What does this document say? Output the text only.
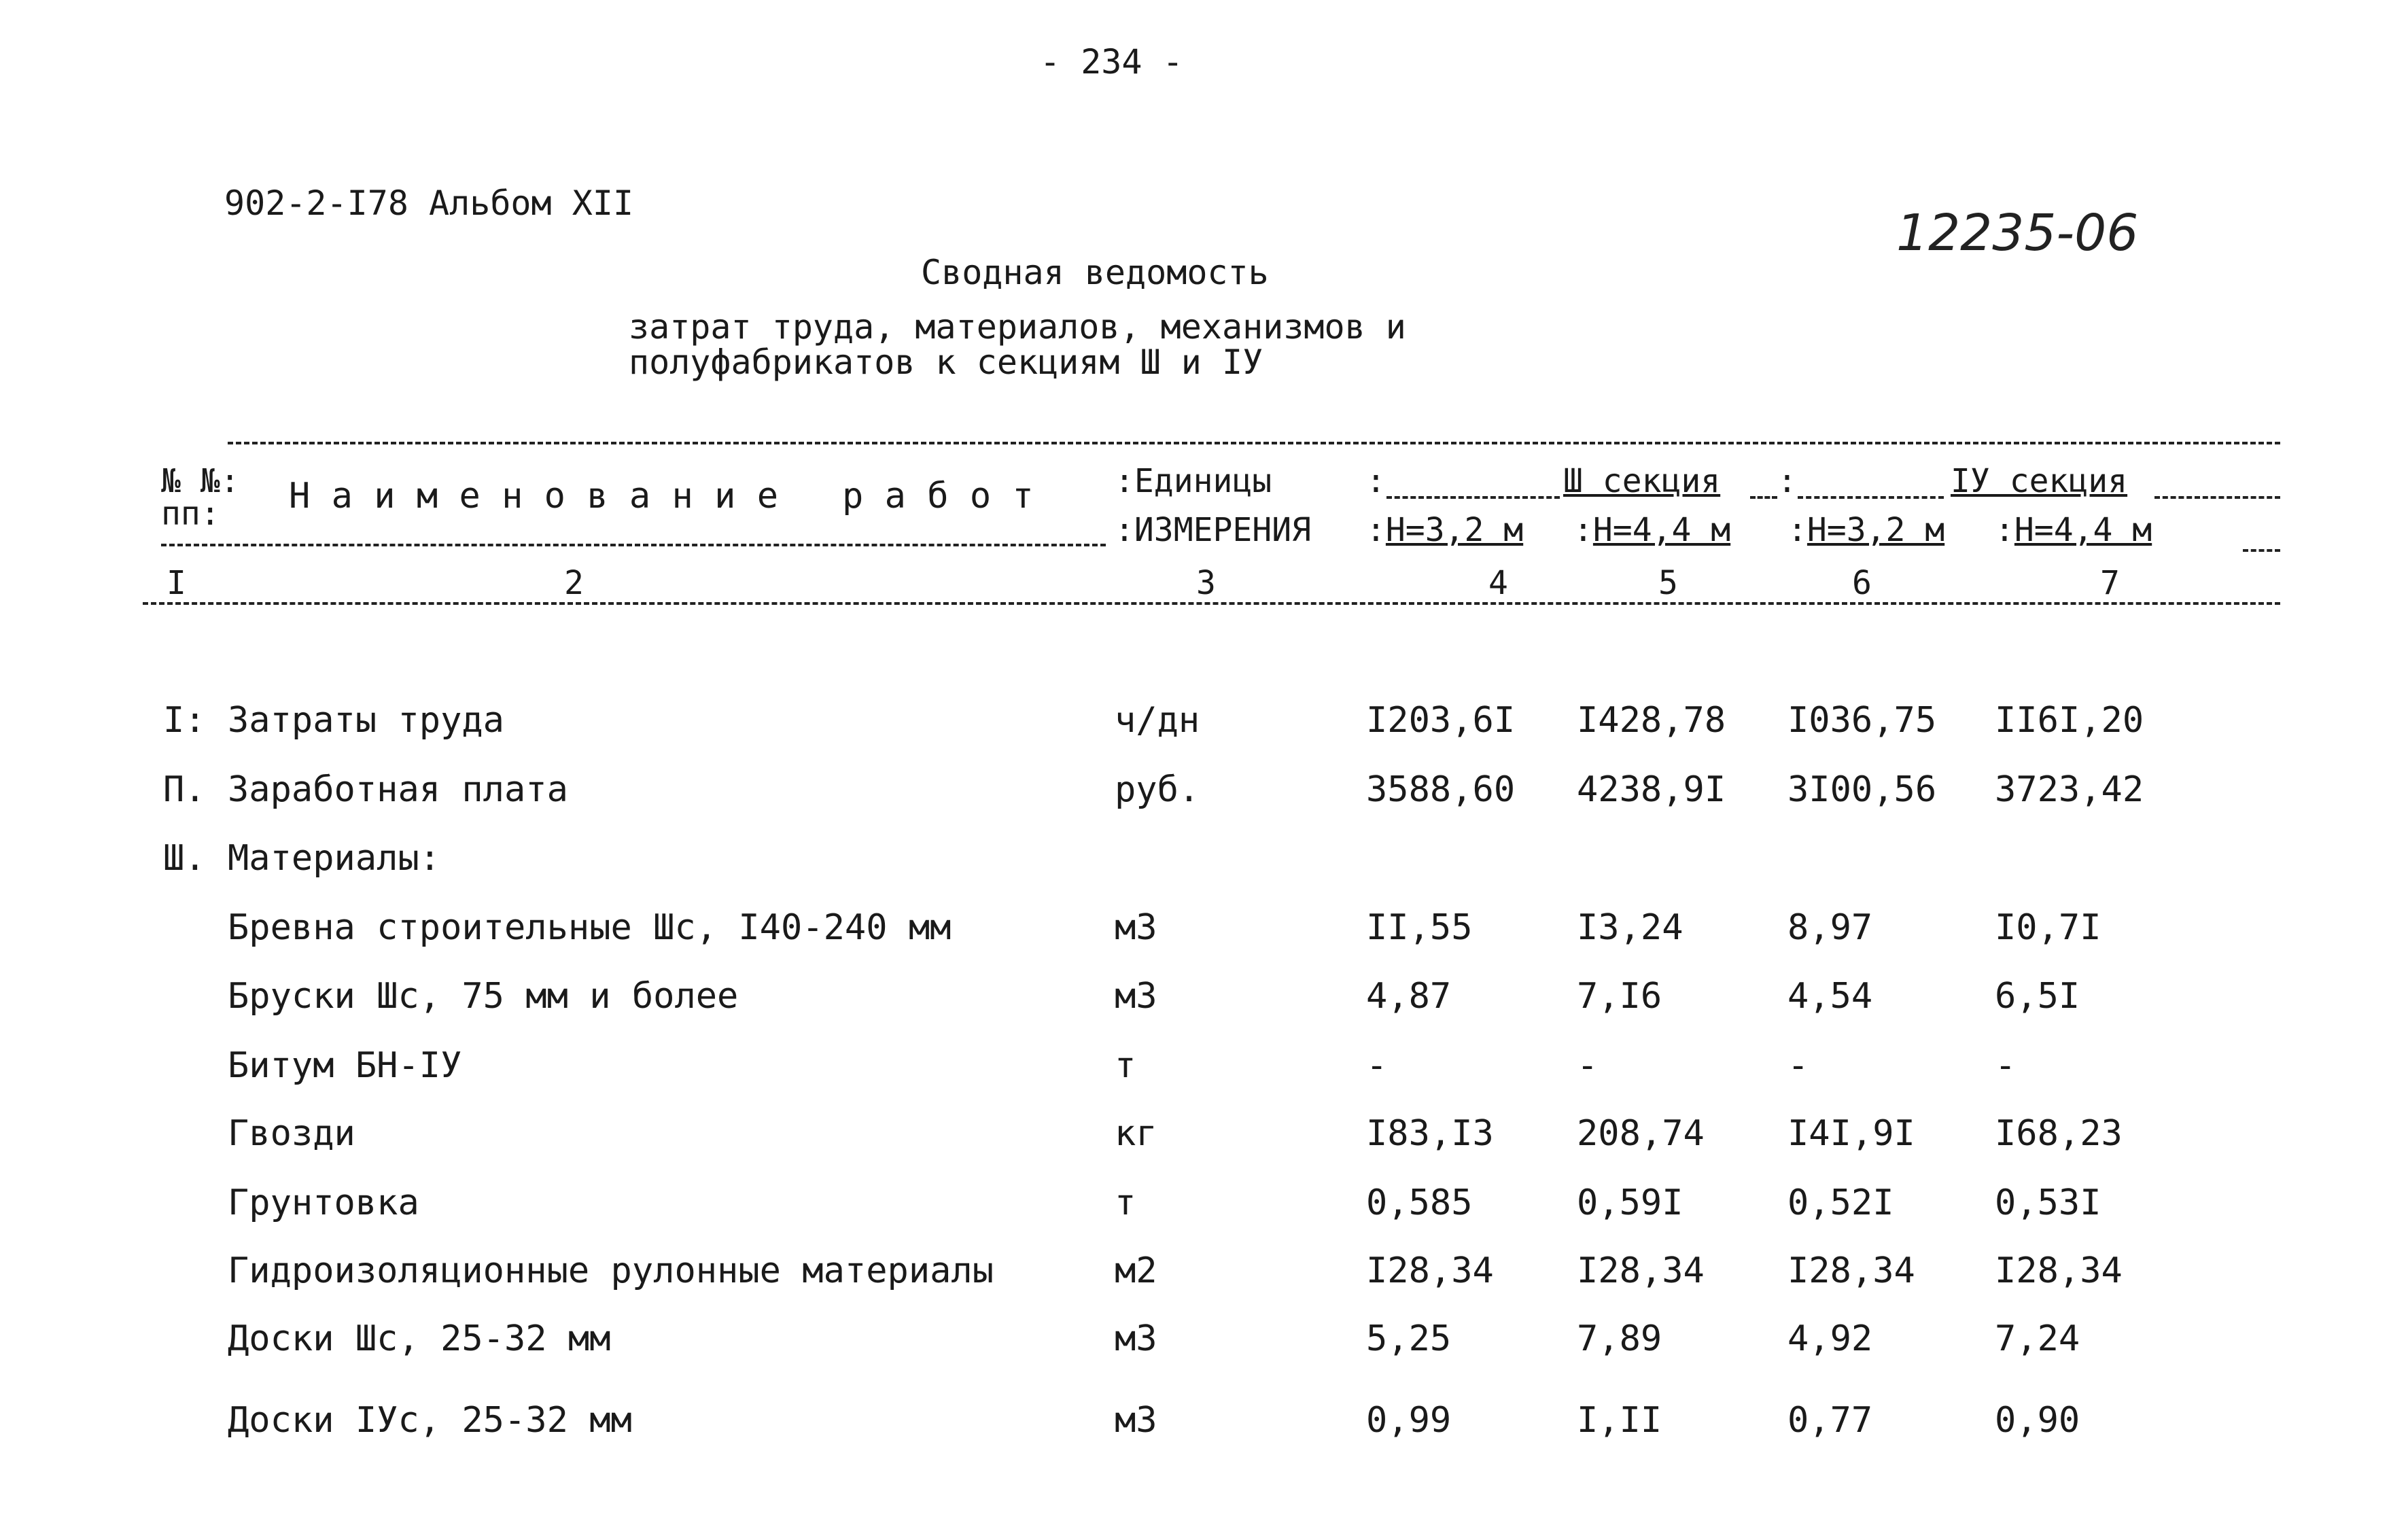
- 234 -
902-2-I78 Альбом XII
12235-06
Сводная ведомость
затрат труда, материалов, механизмов и
полуфабрикатов к секциям Ш и IУ
№ №:
пп: Н а и м е н о в а н и е   р а б о т :Единицы
:ИЗМЕРЕНИЯ
:	Ш секция :	IУ секция
:Н=3,2 м :Н=4,4 м :Н=3,2 м :Н=4,4 м
I	2	3	4	5	6	7
I: Затраты труда	ч/дн	I203,6I I428,78 I036,75 II6I,20
П. Заработная плата	руб.	3588,60 4238,9I 3I00,56 3723,42
Ш. Материалы:
Бревна строительные Шс, I40-240 мм	м3	II,55	I3,24	8,97	I0,7I
Бруски Шс, 75 мм и более	м3	4,87	7,I6	4,54	6,5I
Битум БН-IУ	т	-	-	-	-
Гвозди	кг	I83,I3 208,74 I4I,9I I68,23
Грунтовка	т	0,585	0,59I	0,52I	0,53I
Гидроизоляционные рулонные материалы	м2	I28,34 I28,34 I28,34 I28,34
Доски Шс, 25-32 мм	м3	5,25	7,89	4,92	7,24
Доски IУс, 25-32 мм	м3	0,99	I,II	0,77	0,90
